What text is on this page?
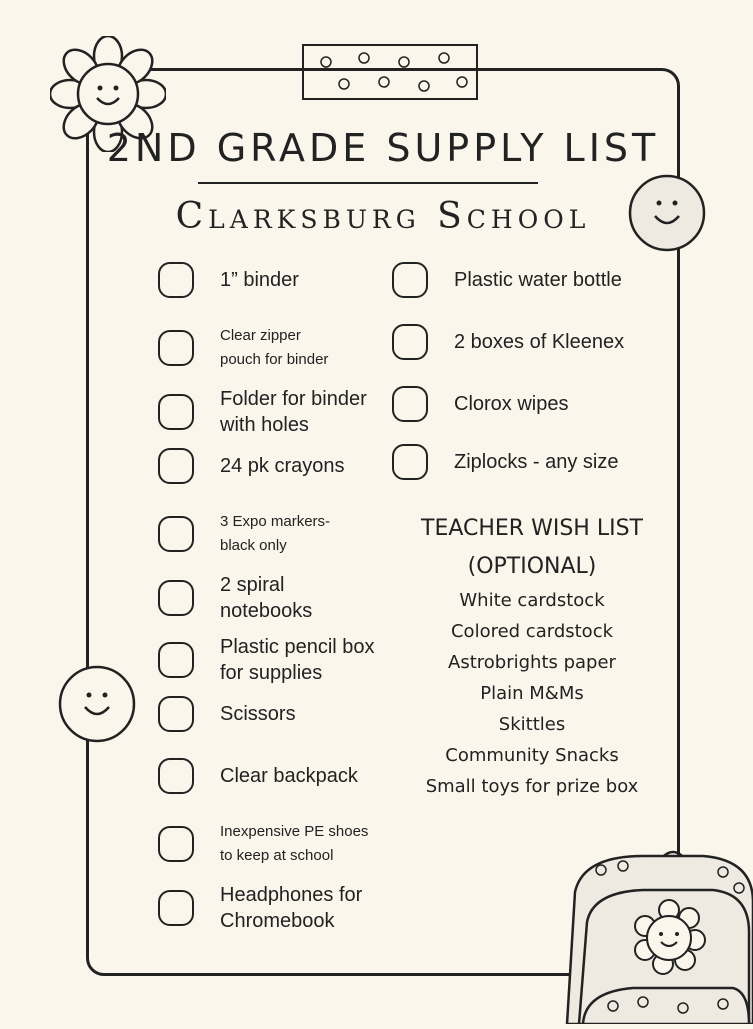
2ND GRADE SUPPLY LIST
Clarksburg School
1” binder
Clear zipper pouch for binder
Folder for binder with holes
24 pk crayons
3 Expo markers- black only
2 spiral notebooks
Plastic pencil box for supplies
Scissors
Clear backpack
Inexpensive PE shoes to keep at school
Headphones for Chromebook
Plastic water bottle
2 boxes of Kleenex
Clorox wipes
Ziplocks - any size
TEACHER WISH LIST
(OPTIONAL)
White cardstock
Colored cardstock
Astrobrights paper
Plain M&Ms
Skittles
Community Snacks
Small toys for prize box
